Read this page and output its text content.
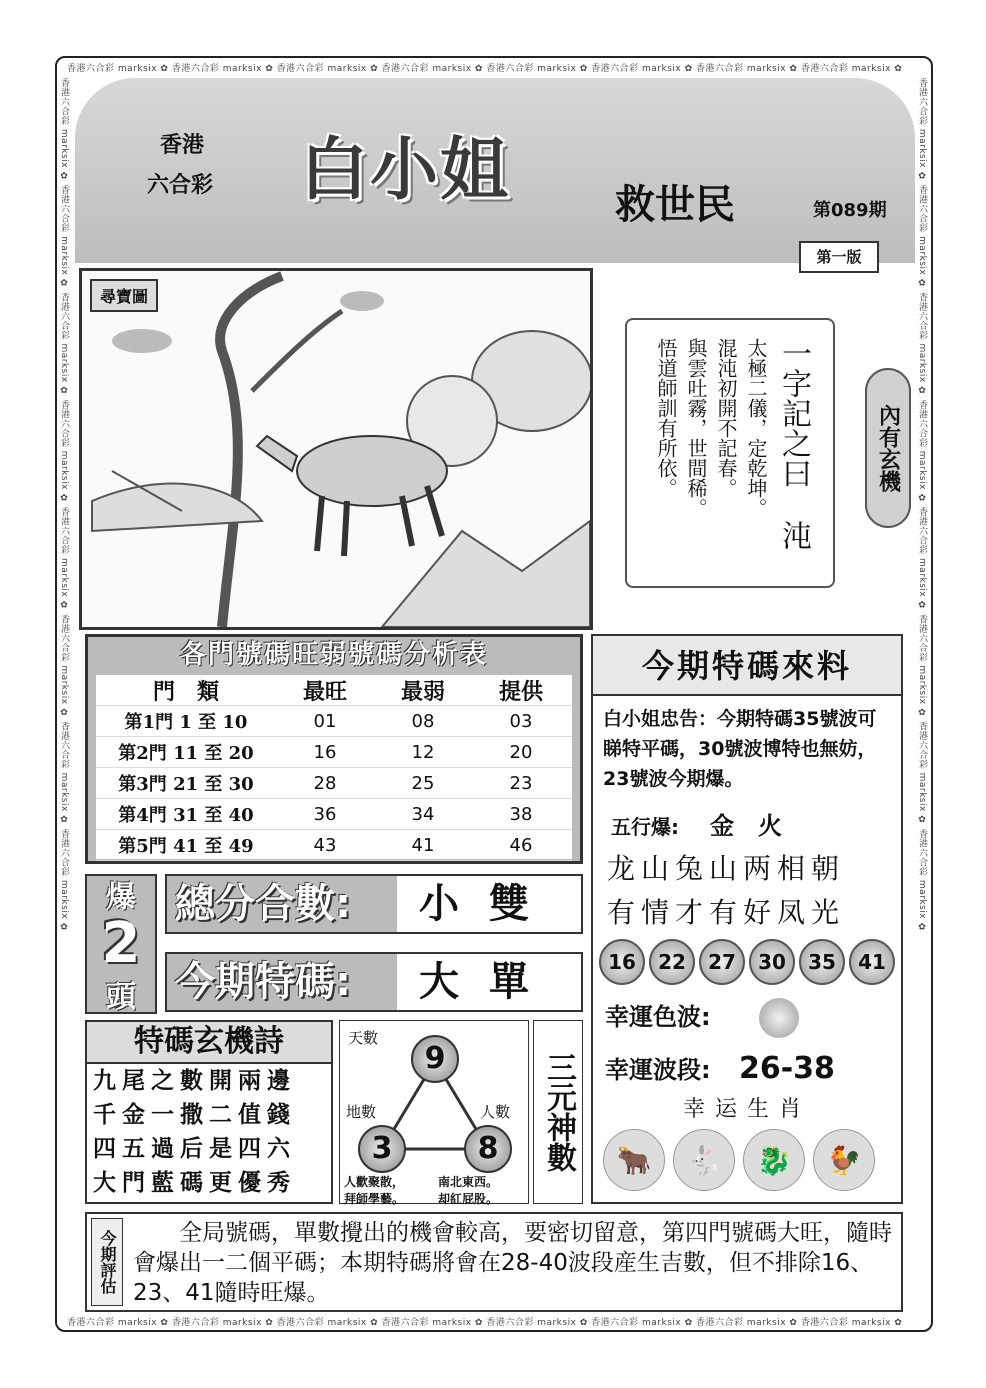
香港六合彩 marksix ✿ 香港六合彩 marksix ✿ 香港六合彩 marksix ✿ 香港六合彩 marksix ✿ 香港六合彩 marksix ✿ 香港六合彩 marksix ✿ 香港六合彩 marksix ✿ 香港六合彩 marksix ✿
香港六合彩 marksix ✿ 香港六合彩 marksix ✿ 香港六合彩 marksix ✿ 香港六合彩 marksix ✿ 香港六合彩 marksix ✿ 香港六合彩 marksix ✿ 香港六合彩 marksix ✿ 香港六合彩 marksix ✿
香港六合彩 marksix ✿ 香港六合彩 marksix ✿ 香港六合彩 marksix ✿ 香港六合彩 marksix ✿ 香港六合彩 marksix ✿ 香港六合彩 marksix ✿ 香港六合彩 marksix ✿ 香港六合彩 marksix ✿	香港六合彩 marksix ✿ 香港六合彩 marksix ✿ 香港六合彩 marksix ✿ 香港六合彩 marksix ✿ 香港六合彩 marksix ✿ 香港六合彩 marksix ✿ 香港六合彩 marksix ✿ 香港六合彩 marksix ✿
香港
六合彩 白小姐	救世民	第089期
第一版
尋寶圖
一字記之曰
沌
太極二儀，定乾坤。
混沌初開不記春。
與雲吐霧，世間稀。
悟道師訓有所依。	內有玄機
各門號碼旺弱號碼分析表
門　類	最旺	最弱	提供
第1門 1 至 10	01	08	03
第2門 11 至 20	16	12	20
第3門 21 至 30	28	25	23
第4門 31 至 40	36	34	38
第5門 41 至 49	43	41	46
今期特碼來料
白小姐忠告：今期特碼35號波可睇特平碼，30號波博特也無妨，23號波今期爆。
五行爆: 金　火
龙山兔山两相朝
有情才有好凤光
16	22	27	30	35	41
幸運色波:
幸運波段: 26-38
幸运生肖
🐂	🐇	🐉	🐓
爆
2
頭
總分合數:	小雙
今期特碼:	大單
特碼玄機詩
九尾之數開兩邊
千金一撒二值錢
四五過后是四六
大門藍碼更優秀
天數
9
地數
3
人數
8
人歡聚散，
拜師學藝。
南北東西。
却紅屁股。
三元神數
今期評估	全局號碼，單數攪出的機會較高，要密切留意，第四門號碼大旺，隨時會爆出一二個平碼；本期特碼將會在28-40波段産生吉數，但不排除16、23、41隨時旺爆。
